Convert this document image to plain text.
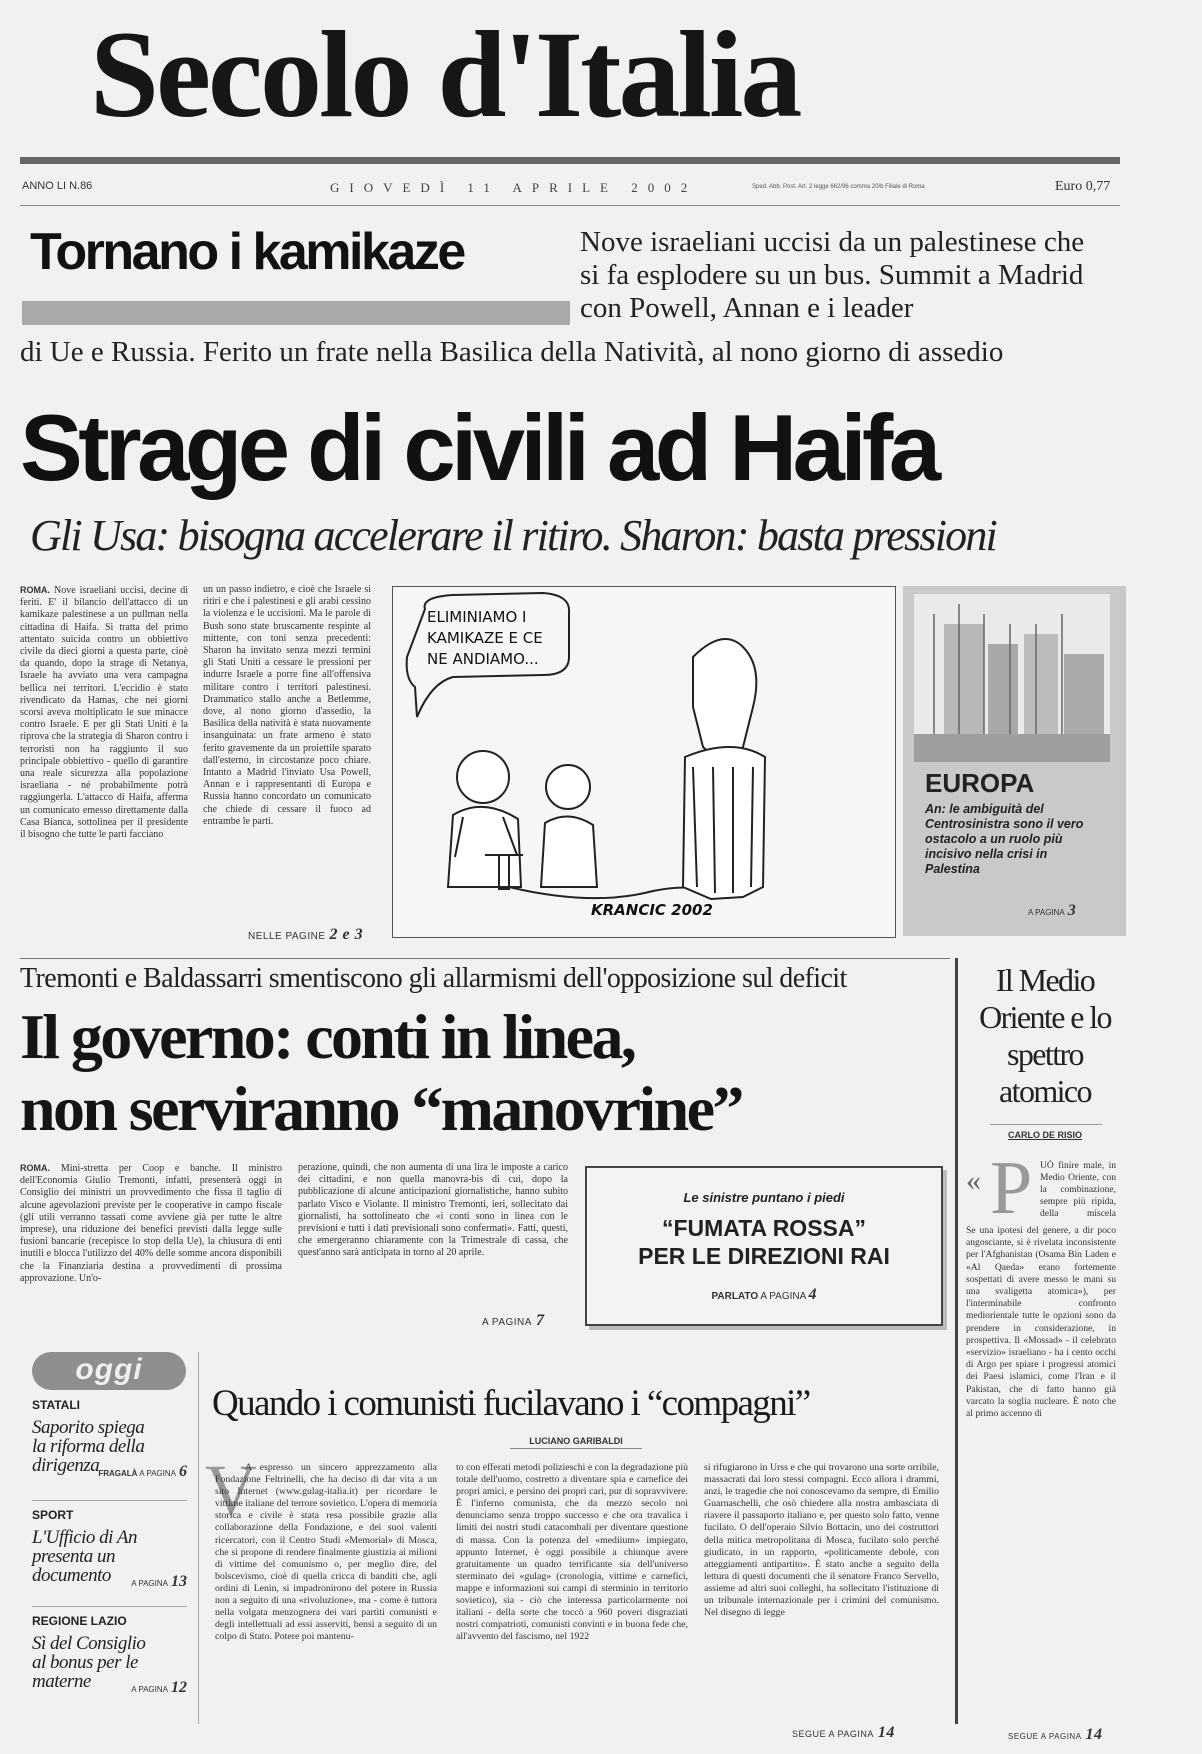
Secolo d'Italia
ANNO LI N.86	GIOVEDÌ 11 APRILE 2002	Sped. Abb. Post. Art. 2 legge 662/96 comma 20/b Filiale di Roma	Euro 0,77
Tornano i kamikaze	Nove israeliani uccisi da un palestinese che si fa esplodere su un bus. Summit a Madrid con Powell, Annan e i leader
di Ue e Russia. Ferito un frate nella Basilica della Natività, al nono giorno di assedio
Strage di civili ad Haifa
Gli Usa: bisogna accelerare il ritiro. Sharon: basta pressioni
ROMA. Nove israeliani uccisi, decine di feriti. E' il bilancio dell'attacco di un kamikaze palestinese a un pullman nella cittadina di Haifa. Si tratta del primo attentato suicida contro un obbiettivo civile da dieci giorni a questa parte, cioè da quando, dopo la strage di Netanya, Israele ha avviato una vera campagna bellica nei territori. L'eccidio è stato rivendicato da Hamas, che nei giorni scorsi aveva moltiplicato le sue minacce contro Israele. E per gli Stati Uniti è la riprova che la strategia di Sharon contro i terroristi non ha raggiunto il suo principale obbiettivo - quello di garantire una reale sicurezza alla popolazione israeliana - né probabilmente potrà raggiungerla. L'attacco di Haifa, afferma un comunicato emesso direttamente dalla Casa Bianca, sottolinea per il presidente il bisogno che tutte le parti facciano
un un passo indietro, e cioè che Israele si ritiri e che i palestinesi e gli arabi cessino la violenza e le uccisioni. Ma le parole di Bush sono state bruscamente respinte al mittente, con toni senza precedenti: Sharon ha invitato senza mezzi termini gli Stati Uniti a cessare le pressioni per indurre Israele a porre fine all'offensiva militare contro i territori palestinesi. Drammatico stallo anche a Betlemme, dove, al nono giorno d'assedio, la Basilica della natività è stata nuovamente insanguinata: un frate armeno è stato ferito gravemente da un proiettile sparato dall'esterno, in circostanze poco chiare. Intanto a Madrid l'inviato Usa Powell, Annan e i rappresentanti di Europa e Russia hanno concordato un comunicato che chiede di cessare il fuoco ad entrambe le parti.
NELLE PAGINE 2 e 3
ELIMINIAMO I KAMIKAZE E CE NE ANDIAMO...
KRANCIC 2002
EUROPA
An: le ambiguità del Centrosinistra sono il vero ostacolo a un ruolo più incisivo nella crisi in Palestina
A PAGINA 3
Tremonti e Baldassarri smentiscono gli allarmismi dell'opposizione sul deficit
Il governo: conti in linea,
non serviranno “manovrine”
ROMA. Mini-stretta per Coop e banche. Il ministro dell'Economia Giulio Tremonti, infatti, presenterà oggi in Consiglio dei ministri un provvedimento che fissa il taglio di alcune agevolazioni previste per le cooperative in campo fiscale (gli utili verranno tassati come avviene già per tutte le altre imprese), una riduzione dei benefici previsti dalla legge sulle fusioni bancarie (recepisce lo stop della Ue), la chiusura di enti inutili e blocca l'utilizzo del 40% delle somme ancora disponibili che la Finanziaria destina a provvedimenti di prossima approvazione. Un'o-
perazione, quindi, che non aumenta di una lira le imposte a carico dei cittadini, e non quella manovra-bis di cui, dopo la pubblicazione di alcune anticipazioni giornalistiche, hanno subito parlato Visco e Violante. Il ministro Tremonti, ieri, sollecitato dai giornalisti, ha sottolineato che «i conti sono in linea con le previsioni e tutti i dati previsionali sono confermati». Fatti, questi, che emergeranno chiaramente con la Trimestrale di cassa, che quest'anno sarà anticipata in torno al 20 aprile.
A PAGINA 7
Le sinistre puntano i piedi
“FUMATA ROSSA”
PER LE DIREZIONI RAI
PARLATO A PAGINA 4
Il Medio Oriente e lo spettro atomico
CARLO DE RISIO
« P UÒ finire male, in Medio Oriente, con la combinazione, sempre più ripida, della miscela
Se una ipotesi del genere, a dir poco angosciante, si è rivelata inconsistente per l'Afghanistan (Osama Bin Laden e «Al Qaeda» erano fortemente sospettati di avere messo le mani su una svaligetta atomica»), per l'interminabile confronto mediorientale tutte le opzioni sono da prendere in considerazione, in prospettiva. Il «Mossad» - il celebrato «servizio» israeliano - ha i cento occhi di Argo per spiare i progressi atomici dei Paesi islamici, come l'Iran e il Pakistan, che di fatto hanno già varcato la soglia nucleare. È noto che al primo accenno di
SEGUE A PAGINA 14
oggi
STATALI
Saporito spiega la riforma della dirigenza FRAGALÀ A PAGINA 6
SPORT
L'Ufficio di An presenta un documento	A PAGINA 13
REGIONE LAZIO
Sì del Consiglio al bonus per le materne	A PAGINA 12
Quando i comunisti fucilavano i “compagni”
LUCIANO GARIBALDI
V
A espresso un sincero apprezzamento alla Fondazione Feltrinelli, che ha deciso di dar vita a un sito Internet (www.gulag-italia.it) per ricordare le vittime italiane del terrore sovietico. L'opera di memoria storica e civile è stata resa possibile grazie alla collaborazione della Fondazione, e dei suoi valenti ricercatori, con il Centro Studi «Memorial» di Mosca, che si propone di rendere finalmente giustizia ai milioni di vittime del comunismo o, per meglio dire, del bolscevismo, cioè di quella cricca di banditi che, agli ordini di Lenin, si impadronirono del potere in Russia non a seguito di una «rivoluzione», ma - come è tuttora nella volgata menzognera dei vari partiti comunisti e degli intellettuali ad essi asserviti, bensì a seguito di un colpo di Stato. Potere poi mantenu-
to con efferati metodi polizieschi e con la degradazione più totale dell'uomo, costretto a diventare spia e carnefice dei propri amici, e persino dei propri cari, pur di sopravvivere. È l'inferno comunista, che da mezzo secolo noi denunciamo senza troppo successo e che ora travalica i limiti dei nostri studi catacombali per diventare questione di massa. Con la potenza del «mediium» impiegato, appunto Internet, è oggi possibile a chiunque avere gratuitamente un quadro terrificante sia dell'universo sterminato dei «gulag» (cronologia, vittime e carnefici, mappe e informazioni sui campi di sterminio in territorio sovietico), sia - ciò che interessa particolarmente noi italiani - della sorte che toccò a 960 poveri disgraziati nostri compatrioti, comunisti convinti e in buona fede che, all'avvento del fascismo, nel 1922
si rifugiarono in Urss e che qui trovarono una sorte orribile, massacrati dai loro stessi compagni. Ecco allora i drammi, anzi, le tragedie che noi conoscevamo da sempre, di Emilio Guarnaschelli, che osò chiedere alla nostra ambasciata di riavere il passaporto italiano e, per questo solo fatto, venne fucilato. O dell'operaio Silvio Bottacin, uno dei costruttori della mitica metropolitana di Mosca, fucilato solo perché giudicato, in un rapporto, «politicamente debole, con atteggiamenti antipartito». È stato anche a seguito della lettura di questi documenti che il senatore Franco Servello, assieme ad altri suoi colleghi, ha sollecitato l'istituzione di un tribunale internazionale per i crimini del comunismo. Nel disegno di legge
SEGUE A PAGINA 14
